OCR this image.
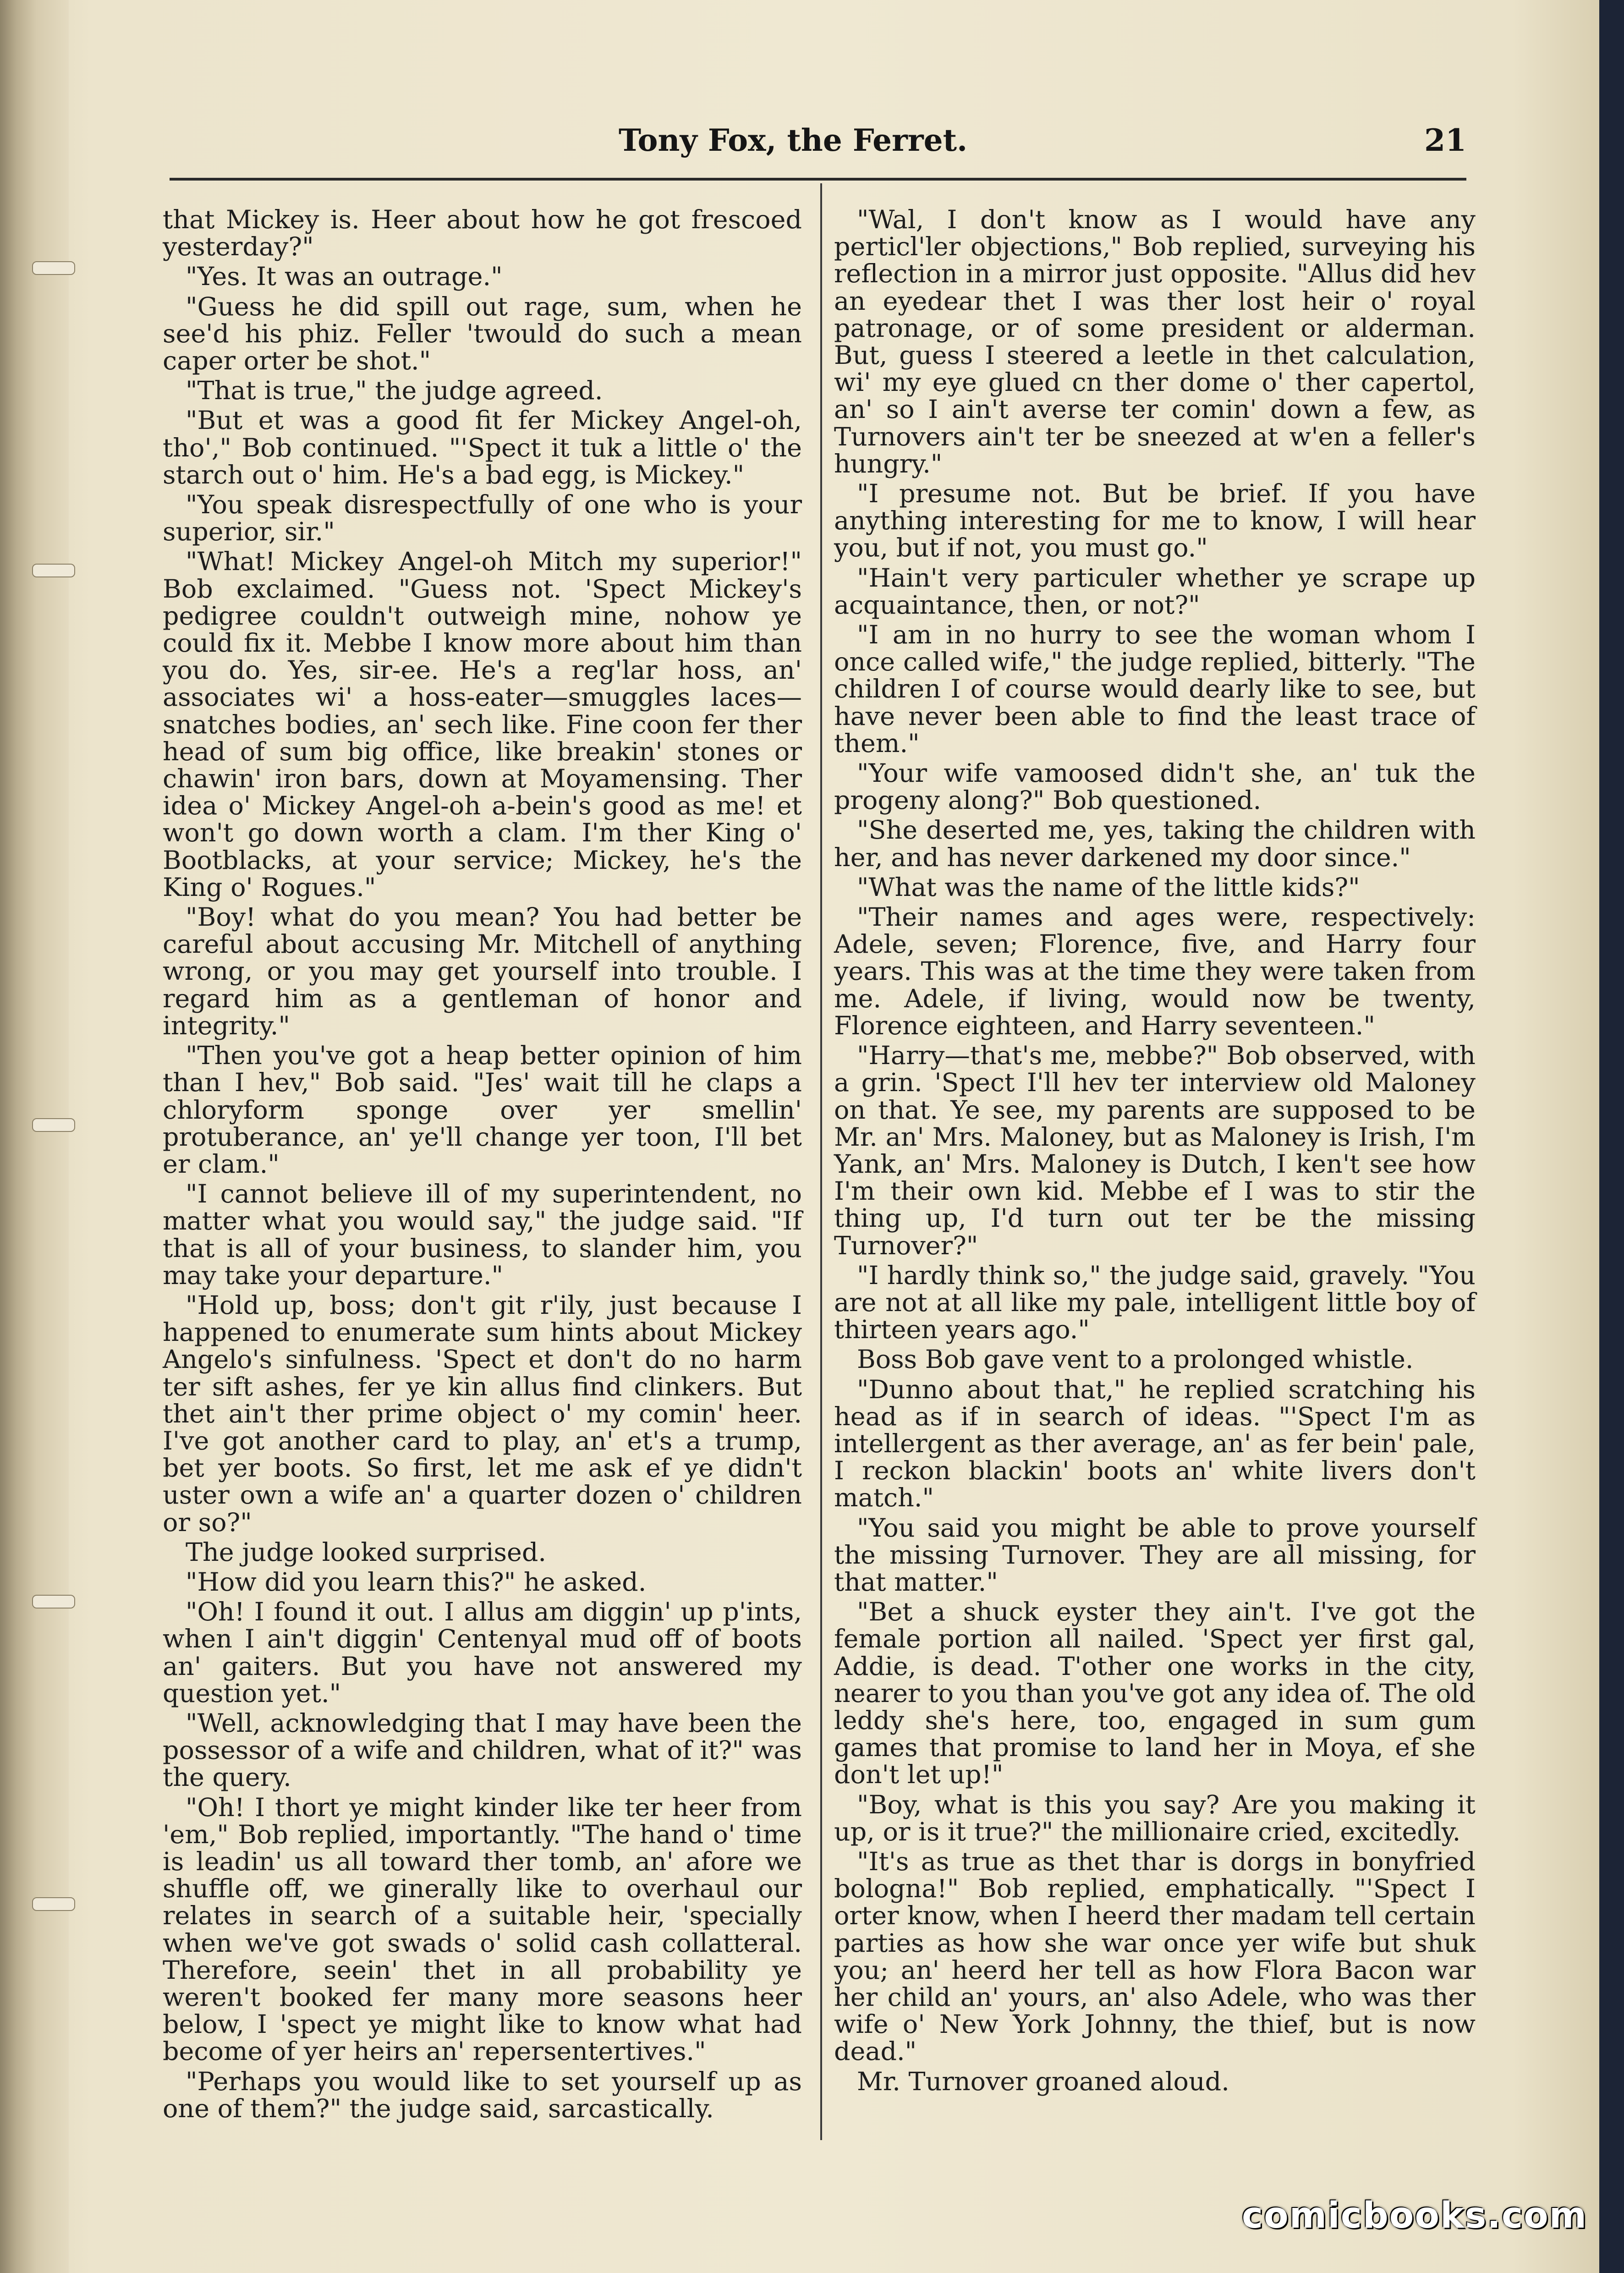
Tony Fox, the Ferret.	21

that Mickey is. Heer about how he got frescoed yesterday?"

"Yes. It was an outrage."

"Guess he did spill out rage, sum, when he see'd his phiz. Feller 'twould do such a mean caper orter be shot."

"That is true," the judge agreed.

"But et was a good fit fer Mickey Angel-oh, tho'," Bob continued. "'Spect it tuk a little o' the starch out o' him. He's a bad egg, is Mickey."

"You speak disrespectfully of one who is your superior, sir."

"What! Mickey Angel-oh Mitch my superior!" Bob exclaimed. "Guess not. 'Spect Mickey's pedigree couldn't outweigh mine, nohow ye could fix it. Mebbe I know more about him than you do. Yes, sir-ee. He's a reg'lar hoss, an' associates wi' a hoss-eater—smuggles laces—snatches bodies, an' sech like. Fine coon fer ther head of sum big office, like breakin' stones or chawin' iron bars, down at Moyamensing. Ther idea o' Mickey Angel-oh a-bein's good as me! et won't go down worth a clam. I'm ther King o' Bootblacks, at your service; Mickey, he's the King o' Rogues."

"Boy! what do you mean? You had better be careful about accusing Mr. Mitchell of anything wrong, or you may get yourself into trouble. I regard him as a gentleman of honor and integrity."

"Then you've got a heap better opinion of him than I hev," Bob said. "Jes' wait till he claps a chloryform sponge over yer smellin' protuberance, an' ye'll change yer toon, I'll bet er clam."

"I cannot believe ill of my superintendent, no matter what you would say," the judge said. "If that is all of your business, to slander him, you may take your departure."

"Hold up, boss; don't git r'ily, just because I happened to enumerate sum hints about Mickey Angelo's sinfulness. 'Spect et don't do no harm ter sift ashes, fer ye kin allus find clinkers. But thet ain't ther prime object o' my comin' heer. I've got another card to play, an' et's a trump, bet yer boots. So first, let me ask ef ye didn't uster own a wife an' a quarter dozen o' children or so?"

The judge looked surprised.

"How did you learn this?" he asked.

"Oh! I found it out. I allus am diggin' up p'ints, when I ain't diggin' Centenyal mud off of boots an' gaiters. But you have not answered my question yet."

"Well, acknowledging that I may have been the possessor of a wife and children, what of it?" was the query.

"Oh! I thort ye might kinder like ter heer from 'em," Bob replied, importantly. "The hand o' time is leadin' us all toward ther tomb, an' afore we shuffle off, we ginerally like to overhaul our relates in search of a suitable heir, 'specially when we've got swads o' solid cash collatteral. Therefore, seein' thet in all probability ye weren't booked fer many more seasons heer below, I 'spect ye might like to know what had become of yer heirs an' repersentertives."

"Perhaps you would like to set yourself up as one of them?" the judge said, sarcastically.

"Wal, I don't know as I would have any perticl'ler objections," Bob replied, surveying his reflection in a mirror just opposite. "Allus did hev an eyedear thet I was ther lost heir o' royal patronage, or of some president or alderman. But, guess I steered a leetle in thet calculation, wi' my eye glued cn ther dome o' ther capertol, an' so I ain't averse ter comin' down a few, as Turnovers ain't ter be sneezed at w'en a feller's hungry."

"I presume not. But be brief. If you have anything interesting for me to know, I will hear you, but if not, you must go."

"Hain't very particuler whether ye scrape up acquaintance, then, or not?"

"I am in no hurry to see the woman whom I once called wife," the judge replied, bitterly. "The children I of course would dearly like to see, but have never been able to find the least trace of them."

"Your wife vamoosed didn't she, an' tuk the progeny along?" Bob questioned.

"She deserted me, yes, taking the children with her, and has never darkened my door since."

"What was the name of the little kids?"

"Their names and ages were, respectively: Adele, seven; Florence, five, and Harry four years. This was at the time they were taken from me. Adele, if living, would now be twenty, Florence eighteen, and Harry seventeen."

"Harry—that's me, mebbe?" Bob observed, with a grin. 'Spect I'll hev ter interview old Maloney on that. Ye see, my parents are supposed to be Mr. an' Mrs. Maloney, but as Maloney is Irish, I'm Yank, an' Mrs. Maloney is Dutch, I ken't see how I'm their own kid. Mebbe ef I was to stir the thing up, I'd turn out ter be the missing Turnover?"

"I hardly think so," the judge said, gravely. "You are not at all like my pale, intelligent little boy of thirteen years ago."

Boss Bob gave vent to a prolonged whistle.

"Dunno about that," he replied scratching his head as if in search of ideas. "'Spect I'm as intellergent as ther average, an' as fer bein' pale, I reckon blackin' boots an' white livers don't match."

"You said you might be able to prove yourself the missing Turnover. They are all missing, for that matter."

"Bet a shuck eyster they ain't. I've got the female portion all nailed. 'Spect yer first gal, Addie, is dead. T'other one works in the city, nearer to you than you've got any idea of. The old leddy she's here, too, engaged in sum gum games that promise to land her in Moya, ef she don't let up!"

"Boy, what is this you say? Are you making it up, or is it true?" the millionaire cried, excitedly.

"It's as true as thet thar is dorgs in bonyfried bologna!" Bob replied, emphatically. "'Spect I orter know, when I heerd ther madam tell certain parties as how she war once yer wife but shuk you; an' heerd her tell as how Flora Bacon war her child an' yours, an' also Adele, who was ther wife o' New York Johnny, the thief, but is now dead."

Mr. Turnover groaned aloud.

comicbooks.com
